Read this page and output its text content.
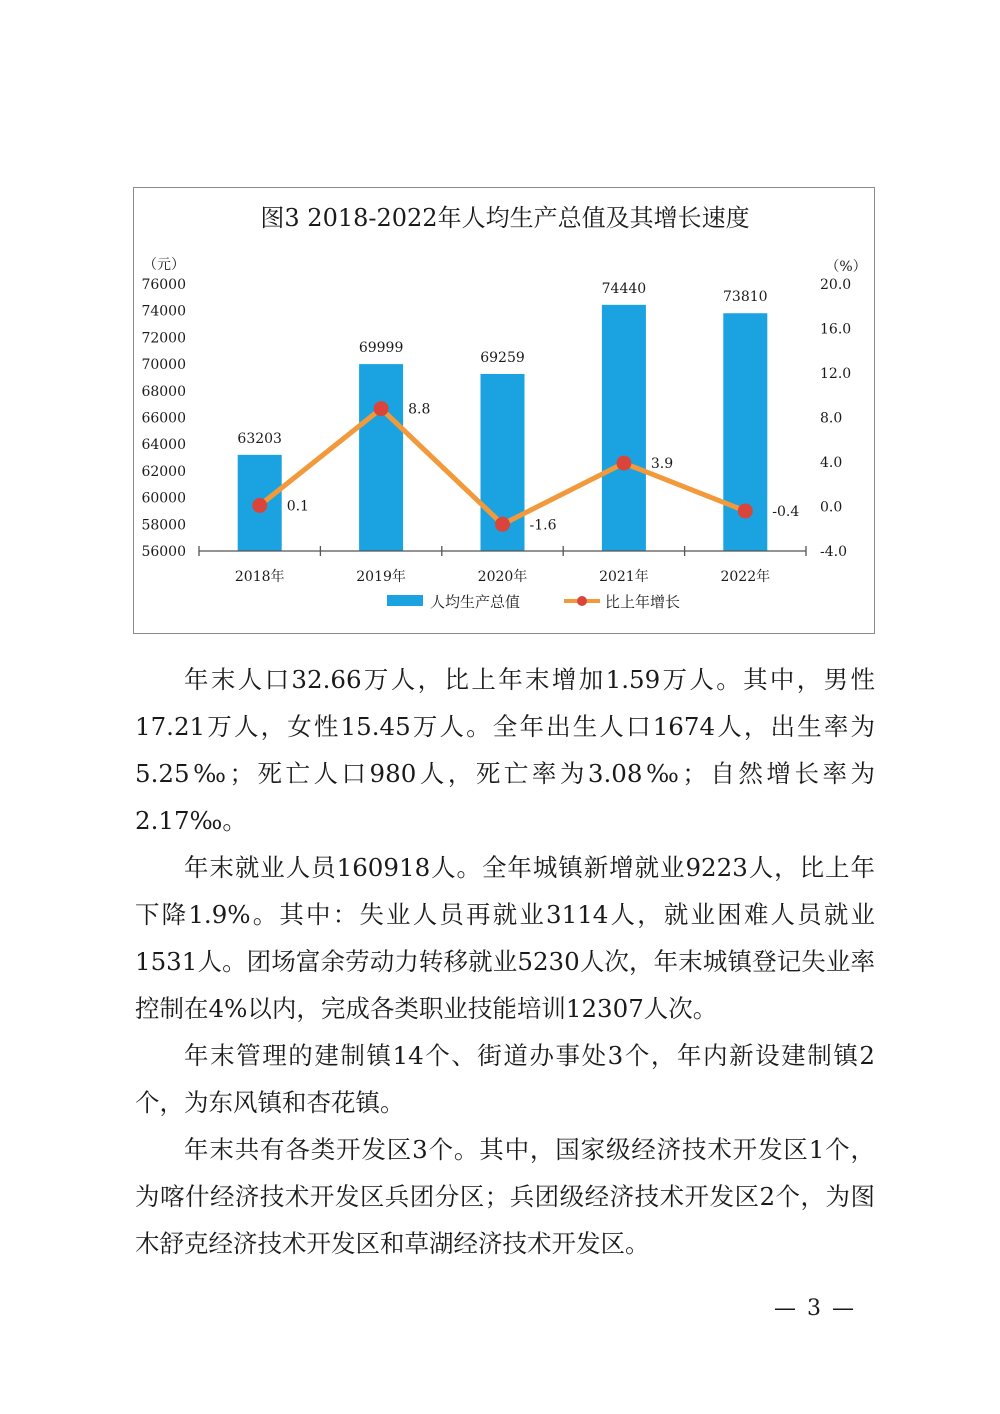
图3 2018-2022年人均生产总值及其增长速度
（元）	（%）
56000
58000
60000
62000
64000
66000
68000
70000
72000
74000
76000
-4.0
0.0
4.0
8.0
12.0
16.0
20.0
63203
69999
69259
74440
73810
2018年	2019年	2020年	2021年	2022年
0.1
8.8
-1.6
3.9
-0.4
人均生产总值	比上年增长

年末人口32.66万人，比上年末增加1.59万人。其中，男性17.21万人，女性15.45万人。全年出生人口1674人，出生率为5.25‰；死亡人口980人，死亡率为3.08‰；自然增长率为2.17‰。

年末就业人员160918人。全年城镇新增就业9223人，比上年下降1.9%。其中：失业人员再就业3114人，就业困难人员就业1531人。团场富余劳动力转移就业5230人次，年末城镇登记失业率控制在4%以内，完成各类职业技能培训12307人次。

年末管理的建制镇14个、街道办事处3个，年内新设建制镇2个，为东风镇和杏花镇。

年末共有各类开发区3个。其中，国家级经济技术开发区1个，为喀什经济技术开发区兵团分区；兵团级经济技术开发区2个，为图木舒克经济技术开发区和草湖经济技术开发区。

— 3 —
